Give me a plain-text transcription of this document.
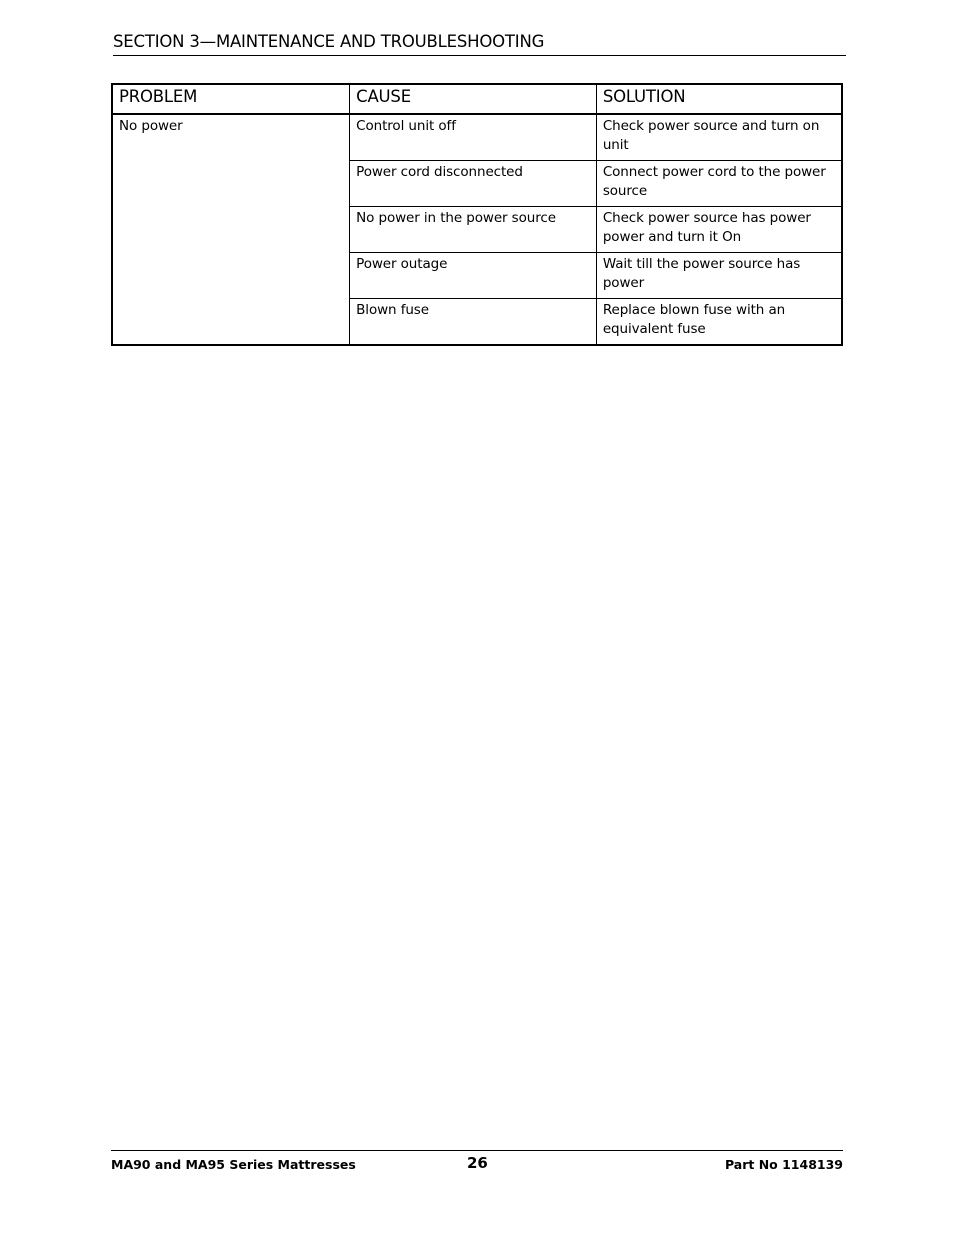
SECTION 3—MAINTENANCE AND TROUBLESHOOTING
PROBLEM	CAUSE	SOLUTION
No power	Control unit off	Check power source and turn on unit
	Power cord disconnected	Connect power cord to the power source
	No power in the power source	Check power source has power power and turn it On
	Power outage	Wait till the power source has power
	Blown fuse	Replace blown fuse with an equivalent fuse
MA90 and MA95 Series Mattresses	26	Part No 1148139
